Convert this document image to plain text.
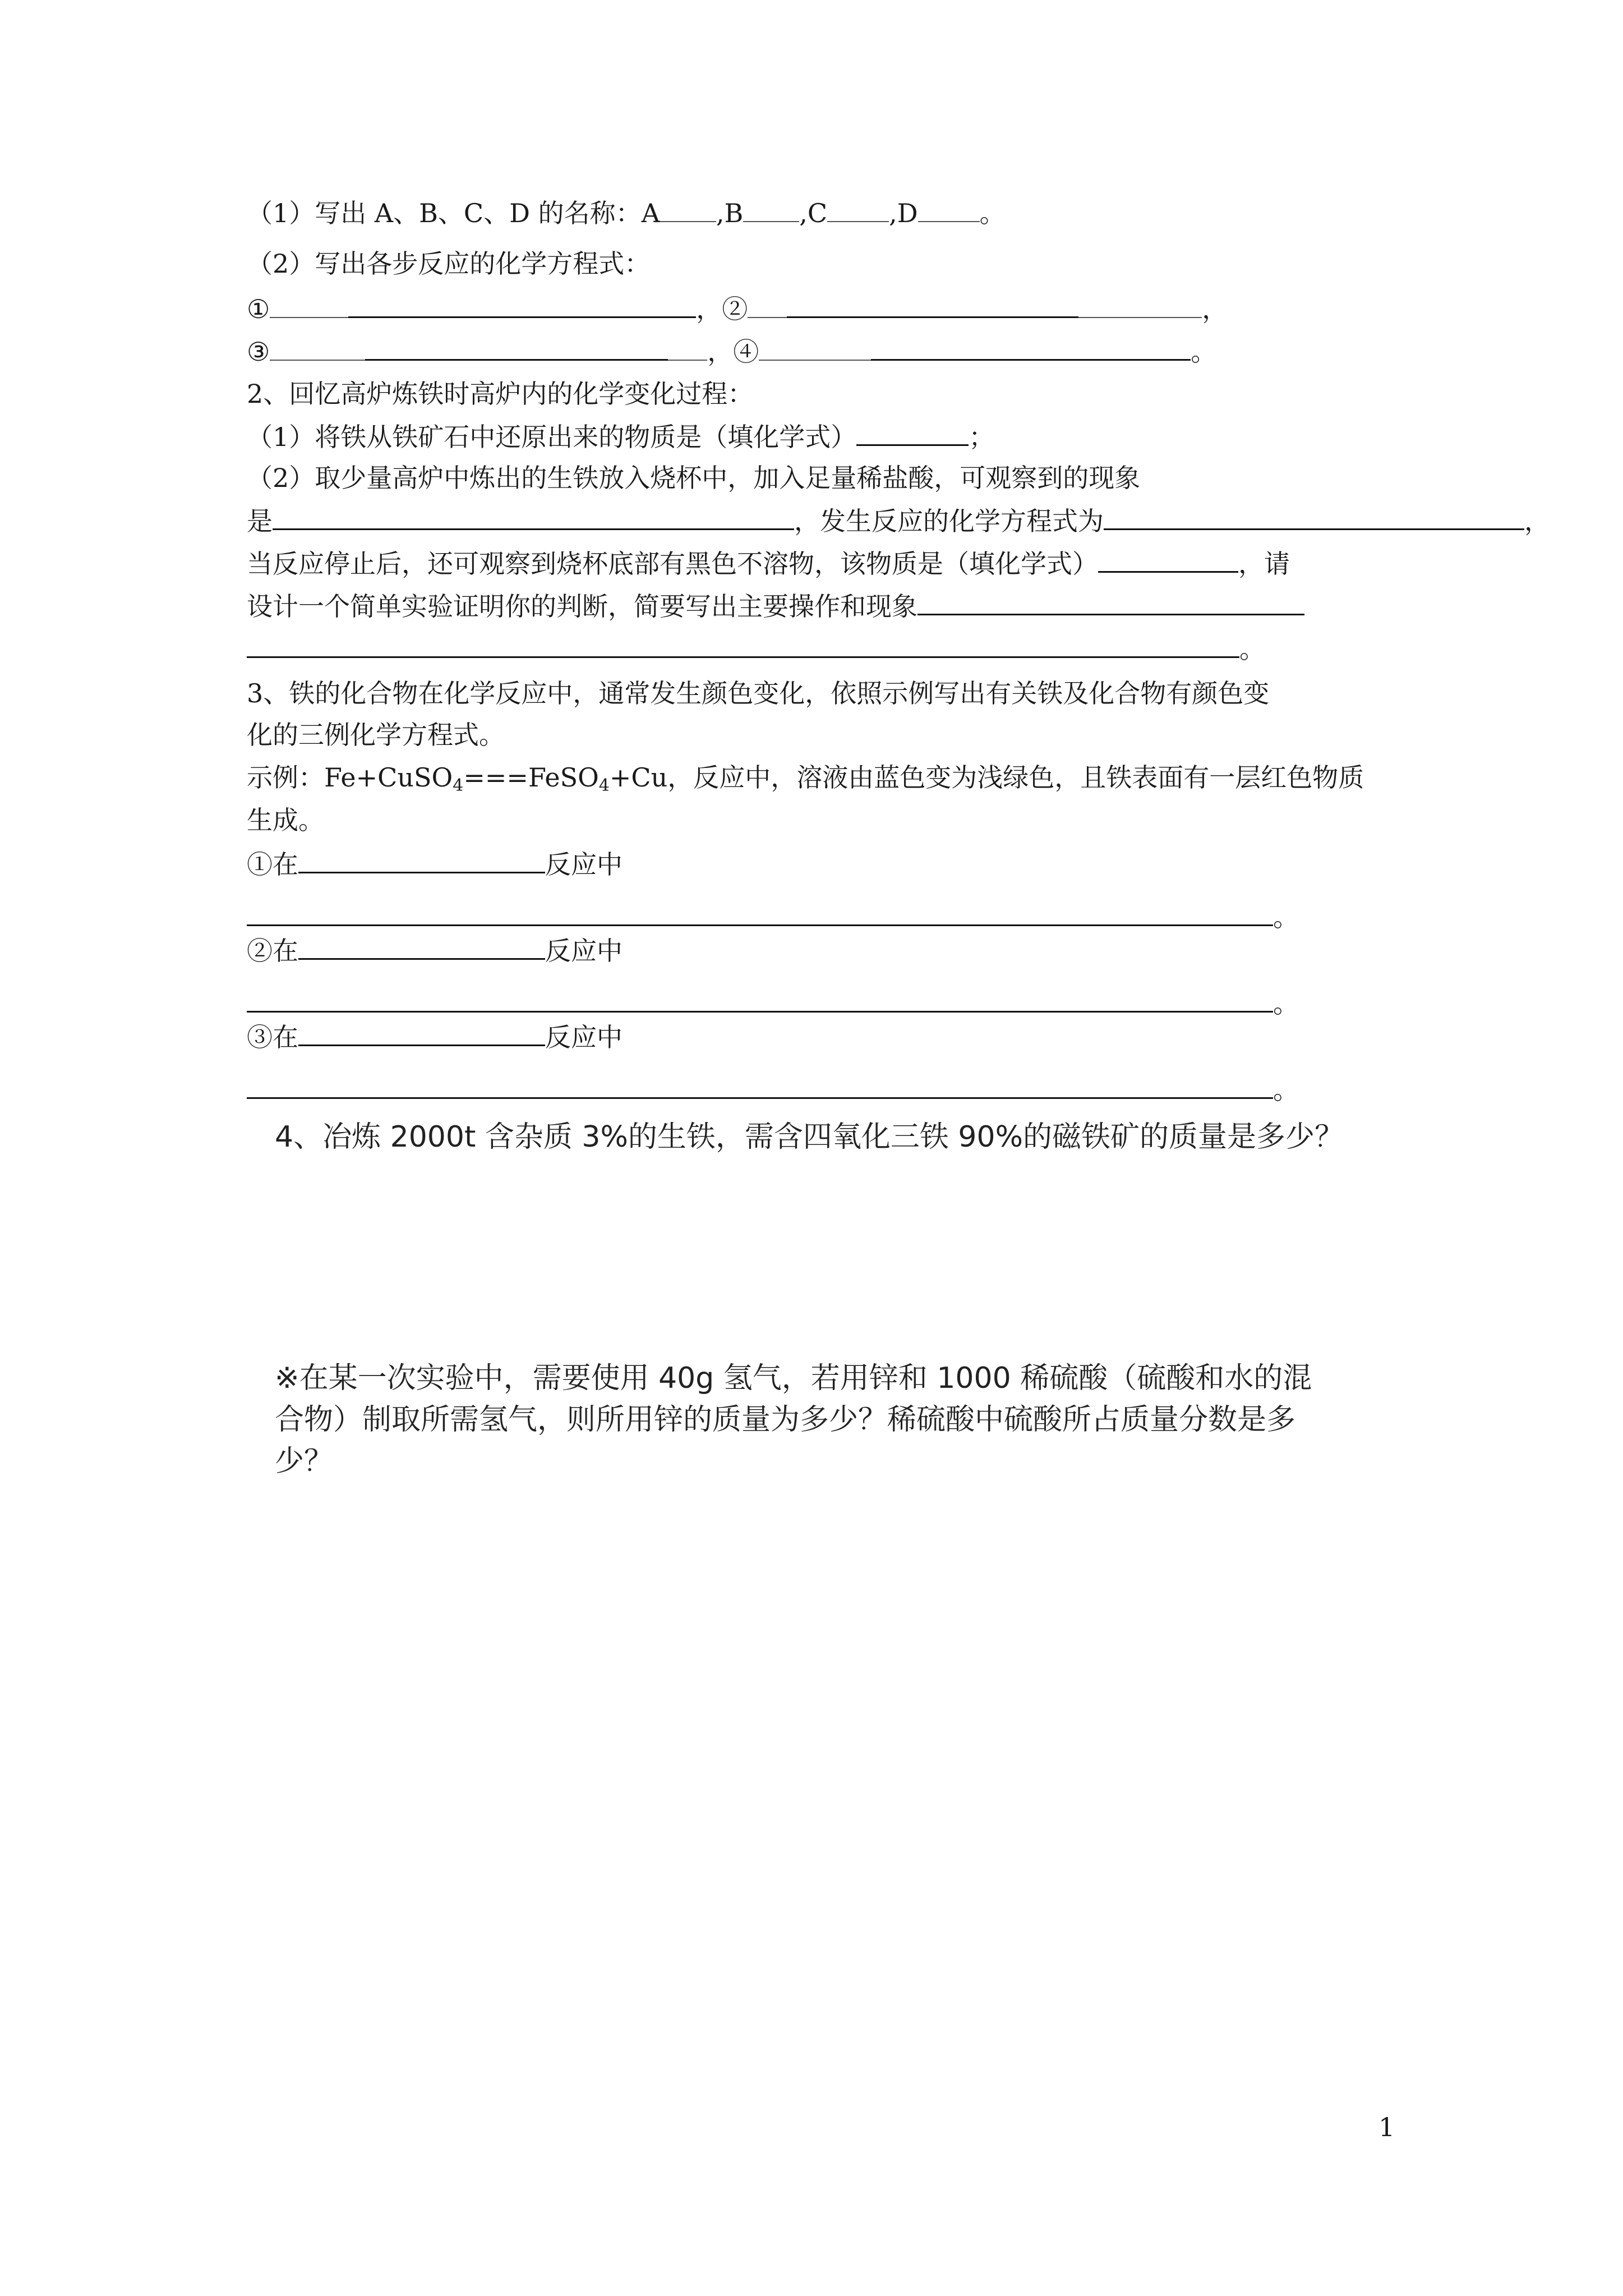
（1）写出 A、B、C、D 的名称：A ,B ,C ,D 。
（2）写出各步反应的化学方程式：
①	，②	，
③	，④	。
2、回忆高炉炼铁时高炉内的化学变化过程：
（1）将铁从铁矿石中还原出来的物质是（填化学式）	；
（2）取少量高炉中炼出的生铁放入烧杯中，加入足量稀盐酸，可观察到的现象
是	，发生反应的化学方程式为	，
当反应停止后，还可观察到烧杯底部有黑色不溶物，该物质是（填化学式）	，请
设计一个简单实验证明你的判断，简要写出主要操作和现象
。
3、铁的化合物在化学反应中，通常发生颜色变化，依照示例写出有关铁及化合物有颜色变
化的三例化学方程式。
示例：Fe+CuSO$_4$===FeSO$_4$+Cu，反应中，溶液由蓝色变为浅绿色，且铁表面有一层红色物质
生成。
①在	反应中
。
②在	反应中
。
③在	反应中
。
4、冶炼 2000t 含杂质 3%的生铁，需含四氧化三铁 90%的磁铁矿的质量是多少？
※在某一次实验中，需要使用 40g 氢气，若用锌和 1000 稀硫酸（硫酸和水的混
合物）制取所需氢气，则所用锌的质量为多少？稀硫酸中硫酸所占质量分数是多
少？
1
